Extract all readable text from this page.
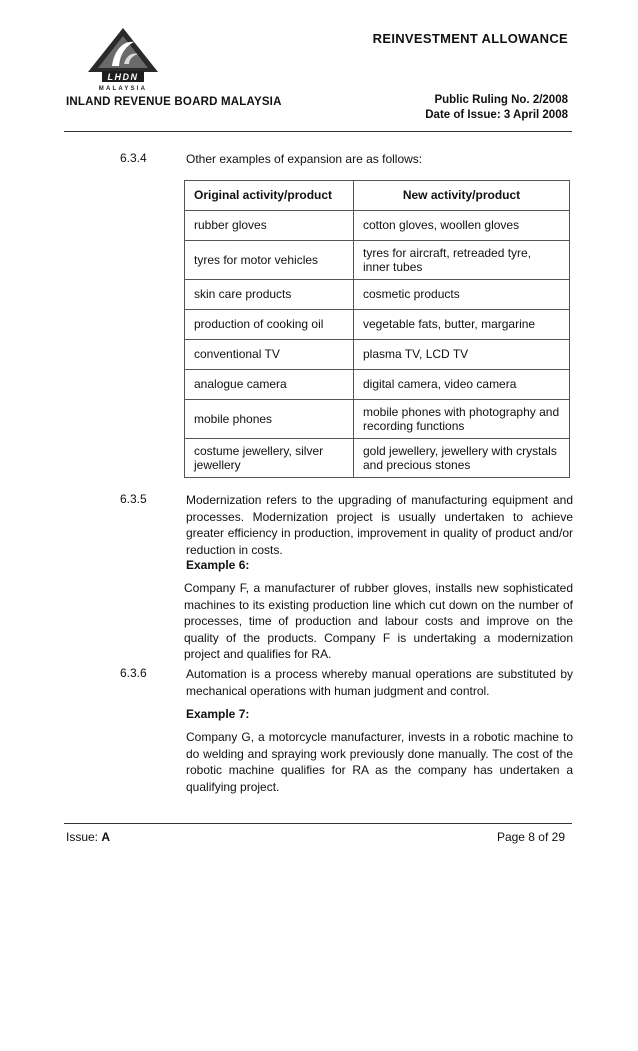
REINVESTMENT ALLOWANCE
LHDN
MALAYSIA
INLAND REVENUE BOARD MALAYSIA	Public Ruling No. 2/2008
Date of Issue: 3 April 2008
6.3.4	Other examples of expansion are as follows:
Original activity/product	New activity/product
rubber gloves	cotton gloves, woollen gloves
tyres for motor vehicles	tyres for aircraft, retreaded tyre, inner tubes
skin care products	cosmetic products
production of cooking oil	vegetable fats, butter, margarine
conventional TV	plasma TV, LCD TV
analogue camera	digital camera, video camera
mobile phones	mobile phones with photography and recording functions
costume jewellery, silver jewellery	gold jewellery, jewellery with crystals and precious stones
6.3.5	Modernization refers to the upgrading of manufacturing equipment and processes. Modernization project is usually undertaken to achieve greater efficiency in production, improvement in quality of product and/or reduction in costs.
Example 6:
Company F, a manufacturer of rubber gloves, installs new sophisticated machines to its existing production line which cut down on the number of processes, time of production and labour costs and improve on the quality of the products. Company F is undertaking a modernization project and qualifies for RA.
6.3.6	Automation is a process whereby manual operations are substituted by mechanical operations with human judgment and control.
Example 7:
Company G, a motorcycle manufacturer, invests in a robotic machine to do welding and spraying work previously done manually. The cost of the robotic machine qualifies for RA as the company has undertaken a qualifying project.
Issue: A	Page 8 of 29
